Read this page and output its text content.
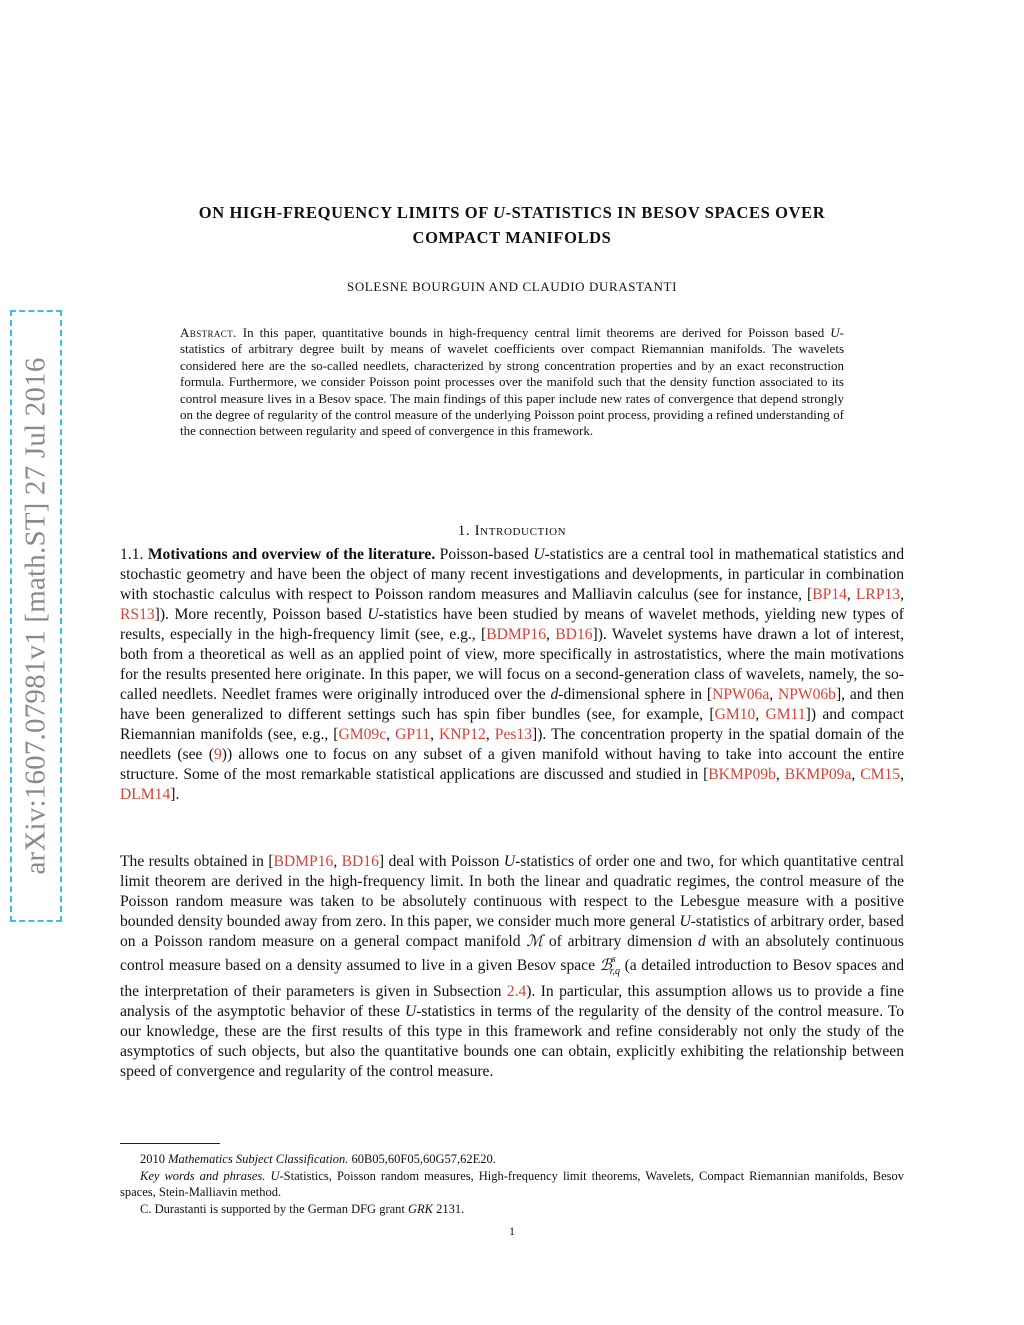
arXiv:1607.07981v1 [math.ST] 27 Jul 2016
ON HIGH-FREQUENCY LIMITS OF U-STATISTICS IN BESOV SPACES OVER
COMPACT MANIFOLDS
SOLESNE BOURGUIN AND CLAUDIO DURASTANTI
Abstract. In this paper, quantitative bounds in high-frequency central limit theorems are derived for Poisson based U-statistics of arbitrary degree built by means of wavelet coefficients over compact Riemannian manifolds. The wavelets considered here are the so-called needlets, characterized by strong concentration properties and by an exact reconstruction formula. Furthermore, we consider Poisson point processes over the manifold such that the density function associated to its control measure lives in a Besov space. The main findings of this paper include new rates of convergence that depend strongly on the degree of regularity of the control measure of the underlying Poisson point process, providing a refined understanding of the connection between regularity and speed of convergence in this framework.
1. Introduction
1.1. Motivations and overview of the literature. Poisson-based U-statistics are a central tool in mathematical statistics and stochastic geometry and have been the object of many recent investigations and developments, in particular in combination with stochastic calculus with respect to Poisson random measures and Malliavin calculus (see for instance, [BP14, LRP13, RS13]). More recently, Poisson based U-statistics have been studied by means of wavelet methods, yielding new types of results, especially in the high-frequency limit (see, e.g., [BDMP16, BD16]). Wavelet systems have drawn a lot of interest, both from a theoretical as well as an applied point of view, more specifically in astrostatistics, where the main motivations for the results presented here originate. In this paper, we will focus on a second-generation class of wavelets, namely, the so-called needlets. Needlet frames were originally introduced over the d-dimensional sphere in [NPW06a, NPW06b], and then have been generalized to different settings such has spin fiber bundles (see, for example, [GM10, GM11]) and compact Riemannian manifolds (see, e.g., [GM09c, GP11, KNP12, Pes13]). The concentration property in the spatial domain of the needlets (see (9)) allows one to focus on any subset of a given manifold without having to take into account the entire structure. Some of the most remarkable statistical applications are discussed and studied in [BKMP09b, BKMP09a, CM15, DLM14].
The results obtained in [BDMP16, BD16] deal with Poisson U-statistics of order one and two, for which quantitative central limit theorem are derived in the high-frequency limit. In both the linear and quadratic regimes, the control measure of the Poisson random measure was taken to be absolutely continuous with respect to the Lebesgue measure with a positive bounded density bounded away from zero. In this paper, we consider much more general U-statistics of arbitrary order, based on a Poisson random measure on a general compact manifold ℳ of arbitrary dimension d with an absolutely continuous control measure based on a density assumed to live in a given Besov space ℬ$^s_{r,q}$ (a detailed introduction to Besov spaces and the interpretation of their parameters is given in Subsection 2.4). In particular, this assumption allows us to provide a fine analysis of the asymptotic behavior of these U-statistics in terms of the regularity of the density of the control measure. To our knowledge, these are the first results of this type in this framework and refine considerably not only the study of the asymptotics of such objects, but also the quantitative bounds one can obtain, explicitly exhibiting the relationship between speed of convergence and regularity of the control measure.

2010 Mathematics Subject Classification. 60B05,60F05,60G57,62E20.

Key words and phrases. U-Statistics, Poisson random measures, High-frequency limit theorems, Wavelets, Compact Riemannian manifolds, Besov spaces, Stein-Malliavin method.

C. Durastanti is supported by the German DFG grant GRK 2131.

1
